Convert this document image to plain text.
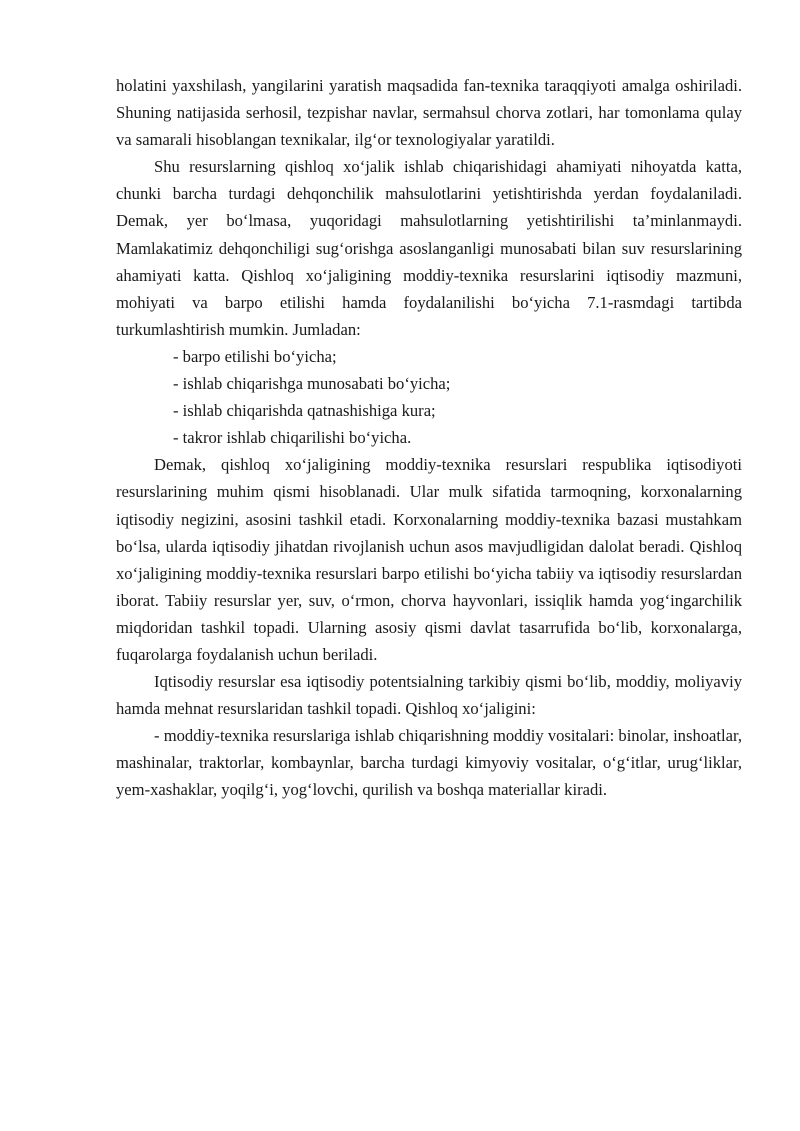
holatini yaxshilash, yangilarini yaratish maqsadida fan-texnika taraqqiyoti amalga oshiriladi. Shuning natijasida serhosil, tezpishar navlar, sermahsul chorva zotlari, har tomonlama qulay va samarali hisoblangan texnikalar, ilg‘or texnologiyalar yaratildi.

Shu resurslarning qishloq xo‘jalik ishlab chiqarishidagi ahamiyati nihoyatda katta, chunki barcha turdagi dehqonchilik mahsulotlarini yetishtirishda yerdan foydalaniladi. Demak, yer bo‘lmasa, yuqoridagi mahsulotlarning yetishtirilishi ta’minlanmaydi. Mamlakatimiz dehqonchiligi sug‘orishga asoslanganligi munosabati bilan suv resurslarining ahamiyati katta. Qishloq xo‘jaligining moddiy-texnika resurslarini iqtisodiy mazmuni, mohiyati va barpo etilishi hamda foydalanilishi bo‘yicha 7.1-rasmdagi tartibda turkumlashtirish mumkin. Jumladan:

- barpo etilishi bo‘yicha;

- ishlab chiqarishga munosabati bo‘yicha;

- ishlab chiqarishda qatnashishiga kura;

- takror ishlab chiqarilishi bo‘yicha.

Demak, qishloq xo‘jaligining moddiy-texnika resurslari respublika iqtisodiyoti resurslarining muhim qismi hisoblanadi. Ular mulk sifatida tarmoqning, korxonalarning iqtisodiy negizini, asosini tashkil etadi. Korxonalarning moddiy-texnika bazasi mustahkam bo‘lsa, ularda iqtisodiy jihatdan rivojlanish uchun asos mavjudligidan dalolat beradi. Qishloq xo‘jaligining moddiy-texnika resurslari barpo etilishi bo‘yicha tabiiy va iqtisodiy resurslardan iborat. Tabiiy resurslar yer, suv, o‘rmon, chorva hayvonlari, issiqlik hamda yog‘ingarchilik miqdoridan tashkil topadi. Ularning asosiy qismi davlat tasarrufida bo‘lib, korxonalarga, fuqarolarga foydalanish uchun beriladi.

Iqtisodiy resurslar esa iqtisodiy potentsialning tarkibiy qismi bo‘lib, moddiy, moliyaviy hamda mehnat resurslaridan tashkil topadi. Qishloq xo‘jaligini:

- moddiy-texnika resurslariga ishlab chiqarishning moddiy vositalari: binolar, inshoatlar, mashinalar, traktorlar, kombaynlar, barcha turdagi kimyoviy vositalar, o‘g‘itlar, urug‘liklar, yem-xashaklar, yoqilg‘i, yog‘lovchi, qurilish va boshqa materiallar kiradi.
